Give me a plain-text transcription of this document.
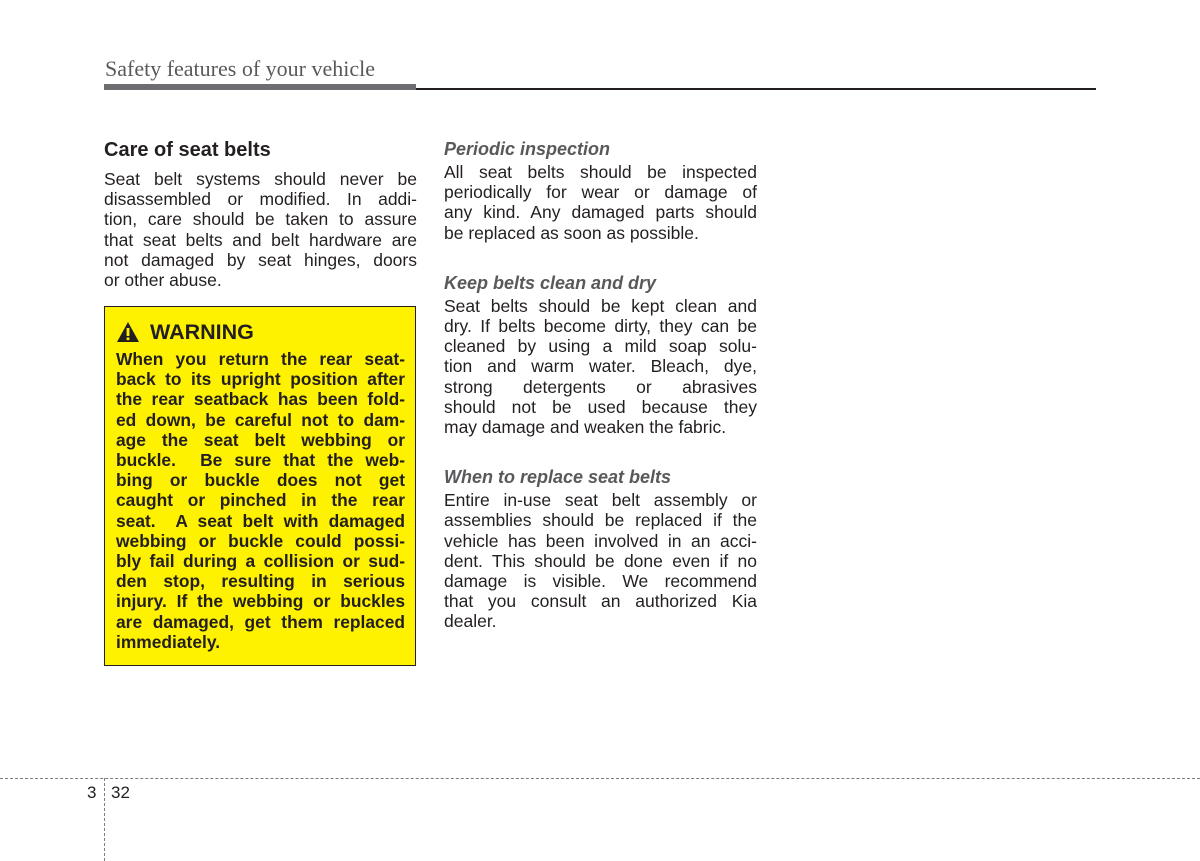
Safety features of your vehicle
Care of seat belts
Seat belt systems should never be
disassembled or modified. In addi-
tion, care should be taken to assure
that seat belts and belt hardware are
not damaged by seat hinges, doors
or other abuse.
WARNING
When you return the rear seat-
back to its upright position after
the rear seatback has been fold-
ed down, be careful not to dam-
age the seat belt webbing or
buckle.  Be sure that the web-
bing or buckle does not get
caught or pinched in the rear
seat.  A seat belt with damaged
webbing or buckle could possi-
bly fail during a collision or sud-
den stop, resulting in serious
injury. If the webbing or buckles
are damaged, get them replaced
immediately.
Periodic inspection
All seat belts should be inspected
periodically for wear or damage of
any kind. Any damaged parts should
be replaced as soon as possible.
Keep belts clean and dry
Seat belts should be kept clean and
dry. If belts become dirty, they can be
cleaned by using a mild soap solu-
tion and warm water. Bleach, dye,
strong detergents or abrasives
should not be used because they
may damage and weaken the fabric.
When to replace seat belts
Entire in-use seat belt assembly or
assemblies should be replaced if the
vehicle has been involved in an acci-
dent. This should be done even if no
damage is visible. We recommend
that you consult an authorized Kia
dealer.
3 32
